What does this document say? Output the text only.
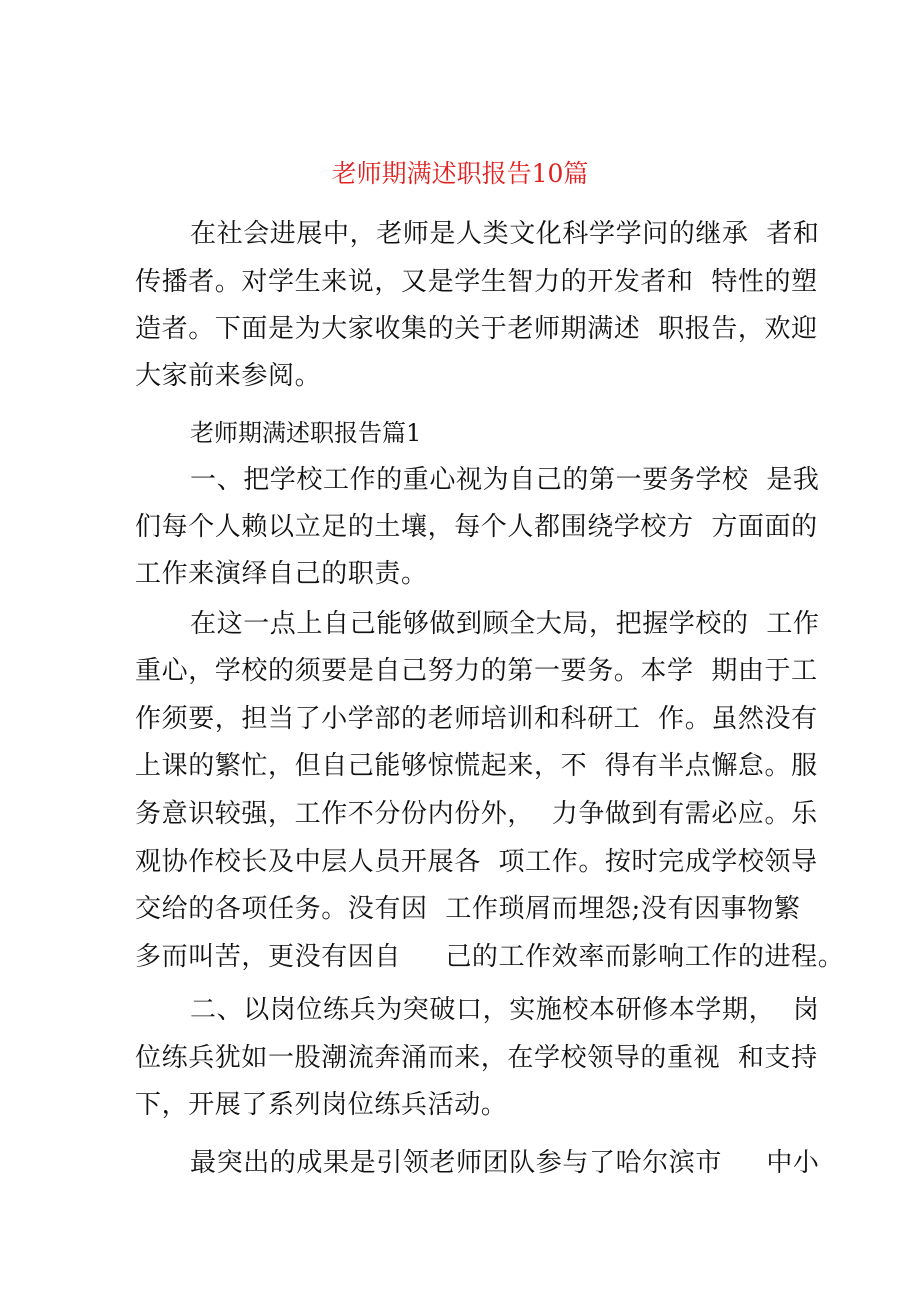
老师期满述职报告10篇
在社会进展中，老师是人类文化科学学问的继承  者和
传播者。对学生来说，又是学生智力的开发者和  特性的塑
造者。下面是为大家收集的关于老师期满述  职报告，欢迎
大家前来参阅。
老师期满述职报告篇1
一、把学校工作的重心视为自己的第一要务学校  是我
们每个人赖以立足的土壤，每个人都围绕学校方  方面面的
工作来演绎自己的职责。
在这一点上自己能够做到顾全大局，把握学校的  工作
重心，学校的须要是自己努力的第一要务。本学  期由于工
作须要，担当了小学部的老师培训和科研工  作。虽然没有
上课的繁忙，但自己能够惊慌起来，不  得有半点懈怠。服
务意识较强，工作不分份内份外，  力争做到有需必应。乐
观协作校长及中层人员开展各  项工作。按时完成学校领导
交给的各项任务。没有因  工作琐屑而埋怨;没有因事物繁
多而叫苦，更没有因自     己的工作效率而影响工作的进程。
二、以岗位练兵为突破口，实施校本研修本学期，  岗
位练兵犹如一股潮流奔涌而来，在学校领导的重视  和支持
下，开展了系列岗位练兵活动。
最突出的成果是引领老师团队参与了哈尔滨市     中小
